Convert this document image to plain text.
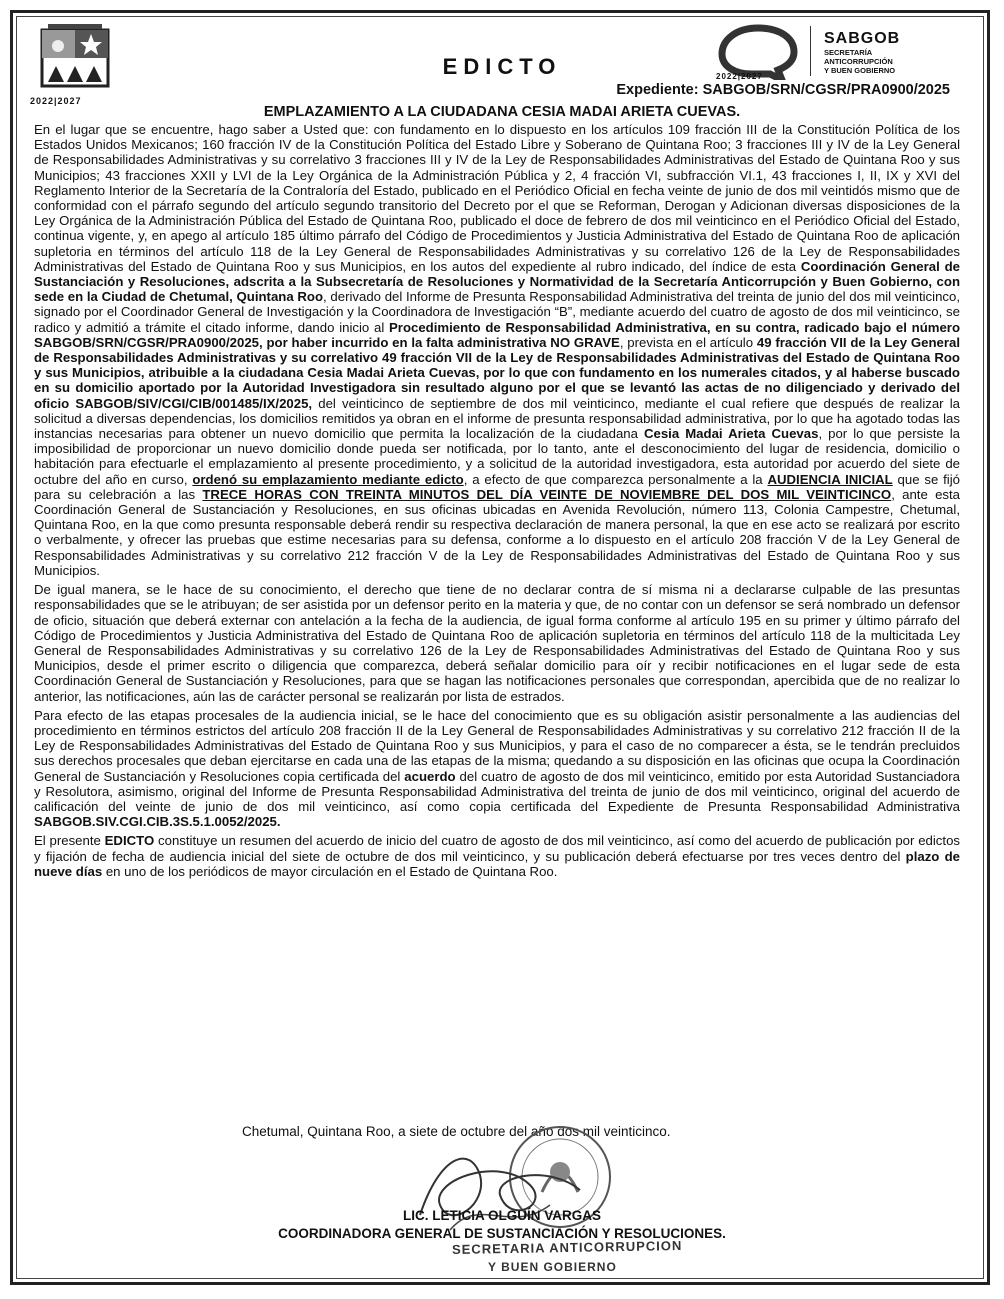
2022|2027
EDICTO	2022|2027
SABGOB
SECRETARÍA
ANTICORRUPCIÓN
Y BUEN GOBIERNO
Expediente: SABGOB/SRN/CGSR/PRA0900/2025
EMPLAZAMIENTO A LA CIUDADANA CESIA MADAI ARIETA CUEVAS.

En el lugar que se encuentre, hago saber a Usted que: con fundamento en lo dispuesto en los artículos 109 fracción III de la Constitución Política de los Estados Unidos Mexicanos; 160 fracción IV de la Constitución Política del Estado Libre y Soberano de Quintana Roo; 3 fracciones III y IV de la Ley General de Responsabilidades Administrativas y su correlativo 3 fracciones III y IV de la Ley de Responsabilidades Administrativas del Estado de Quintana Roo y sus Municipios; 43 fracciones XXII y LVI de la Ley Orgánica de la Administración Pública y 2, 4 fracción VI, subfracción VI.1, 43 fracciones I, II, IX y XVI del Reglamento Interior de la Secretaría de la Contraloría del Estado, publicado en el Periódico Oficial en fecha veinte de junio de dos mil veintidós mismo que de conformidad con el párrafo segundo del artículo segundo transitorio del Decreto por el que se Reforman, Derogan y Adicionan diversas disposiciones de la Ley Orgánica de la Administración Pública del Estado de Quintana Roo, publicado el doce de febrero de dos mil veinticinco en el Periódico Oficial del Estado, continua vigente, y, en apego al artículo 185 último párrafo del Código de Procedimientos y Justicia Administrativa del Estado de Quintana Roo de aplicación supletoria en términos del artículo 118 de la Ley General de Responsabilidades Administrativas y su correlativo 126 de la Ley de Responsabilidades Administrativas del Estado de Quintana Roo y sus Municipios, en los autos del expediente al rubro indicado, del índice de esta Coordinación General de Sustanciación y Resoluciones, adscrita a la Subsecretaría de Resoluciones y Normatividad de la Secretaría Anticorrupción y Buen Gobierno, con sede en la Ciudad de Chetumal, Quintana Roo, derivado del Informe de Presunta Responsabilidad Administrativa del treinta de junio del dos mil veinticinco, signado por el Coordinador General de Investigación y la Coordinadora de Investigación “B”, mediante acuerdo del cuatro de agosto de dos mil veinticinco, se radico y admitió a trámite el citado informe, dando inicio al Procedimiento de Responsabilidad Administrativa, en su contra, radicado bajo el número SABGOB/SRN/CGSR/PRA0900/2025, por haber incurrido en la falta administrativa NO GRAVE, prevista en el artículo 49 fracción VII de la Ley General de Responsabilidades Administrativas y su correlativo 49 fracción VII de la Ley de Responsabilidades Administrativas del Estado de Quintana Roo y sus Municipios, atribuible a la ciudadana Cesia Madai Arieta Cuevas, por lo que con fundamento en los numerales citados, y al haberse buscado en su domicilio aportado por la Autoridad Investigadora sin resultado alguno por el que se levantó las actas de no diligenciado y derivado del oficio SABGOB/SIV/CGI/CIB/001485/IX/2025, del veinticinco de septiembre de dos mil veinticinco, mediante el cual refiere que después de realizar la solicitud a diversas dependencias, los domicilios remitidos ya obran en el informe de presunta responsabilidad administrativa, por lo que ha agotado todas las instancias necesarias para obtener un nuevo domicilio que permita la localización de la ciudadana Cesia Madai Arieta Cuevas, por lo que persiste la imposibilidad de proporcionar un nuevo domicilio donde pueda ser notificada, por lo tanto, ante el desconocimiento del lugar de residencia, domicilio o habitación para efectuarle el emplazamiento al presente procedimiento, y a solicitud de la autoridad investigadora, esta autoridad por acuerdo del siete de octubre del año en curso, ordenó su emplazamiento mediante edicto, a efecto de que comparezca personalmente a la AUDIENCIA INICIAL que se fijó para su celebración a las TRECE HORAS CON TREINTA MINUTOS DEL DÍA VEINTE DE NOVIEMBRE DEL DOS MIL VEINTICINCO, ante esta Coordinación General de Sustanciación y Resoluciones, en sus oficinas ubicadas en Avenida Revolución, número 113, Colonia Campestre, Chetumal, Quintana Roo, en la que como presunta responsable deberá rendir su respectiva declaración de manera personal, la que en ese acto se realizará por escrito o verbalmente, y ofrecer las pruebas que estime necesarias para su defensa, conforme a lo dispuesto en el artículo 208 fracción V de la Ley General de Responsabilidades Administrativas y su correlativo 212 fracción V de la Ley de Responsabilidades Administrativas del Estado de Quintana Roo y sus Municipios.

De igual manera, se le hace de su conocimiento, el derecho que tiene de no declarar contra de sí misma ni a declararse culpable de las presuntas responsabilidades que se le atribuyan; de ser asistida por un defensor perito en la materia y que, de no contar con un defensor se será nombrado un defensor de oficio, situación que deberá externar con antelación a la fecha de la audiencia, de igual forma conforme al artículo 195 en su primer y último párrafo del Código de Procedimientos y Justicia Administrativa del Estado de Quintana Roo de aplicación supletoria en términos del artículo 118 de la multicitada Ley General de Responsabilidades Administrativas y su correlativo 126 de la Ley de Responsabilidades Administrativas del Estado de Quintana Roo y sus Municipios, desde el primer escrito o diligencia que comparezca, deberá señalar domicilio para oír y recibir notificaciones en el lugar sede de esta Coordinación General de Sustanciación y Resoluciones, para que se hagan las notificaciones personales que correspondan, apercibida que de no realizar lo anterior, las notificaciones, aún las de carácter personal se realizarán por lista de estrados.

Para efecto de las etapas procesales de la audiencia inicial, se le hace del conocimiento que es su obligación asistir personalmente a las audiencias del procedimiento en términos estrictos del artículo 208 fracción II de la Ley General de Responsabilidades Administrativas y su correlativo 212 fracción II de la Ley de Responsabilidades Administrativas del Estado de Quintana Roo y sus Municipios, y para el caso de no comparecer a ésta, se le tendrán precluidos sus derechos procesales que deban ejercitarse en cada una de las etapas de la misma; quedando a su disposición en las oficinas que ocupa la Coordinación General de Sustanciación y Resoluciones copia certificada del acuerdo del cuatro de agosto de dos mil veinticinco, emitido por esta Autoridad Sustanciadora y Resolutora, asimismo, original del Informe de Presunta Responsabilidad Administrativa del treinta de junio de dos mil veinticinco, original del acuerdo de calificación del veinte de junio de dos mil veinticinco, así como copia certificada del Expediente de Presunta Responsabilidad Administrativa SABGOB.SIV.CGI.CIB.3S.5.1.0052/2025.

El presente EDICTO constituye un resumen del acuerdo de inicio del cuatro de agosto de dos mil veinticinco, así como del acuerdo de publicación por edictos y fijación de fecha de audiencia inicial del siete de octubre de dos mil veinticinco, y su publicación deberá efectuarse por tres veces dentro del plazo de nueve días en uno de los periódicos de mayor circulación en el Estado de Quintana Roo.

Chetumal, Quintana Roo, a siete de octubre del año dos mil veinticinco.
LIC. LETICIA OLGUÍN VARGAS
COORDINADORA GENERAL DE SUSTANCIACIÓN Y RESOLUCIONES.
SECRETARIA ANTICORRUPCION
Y BUEN GOBIERNO
